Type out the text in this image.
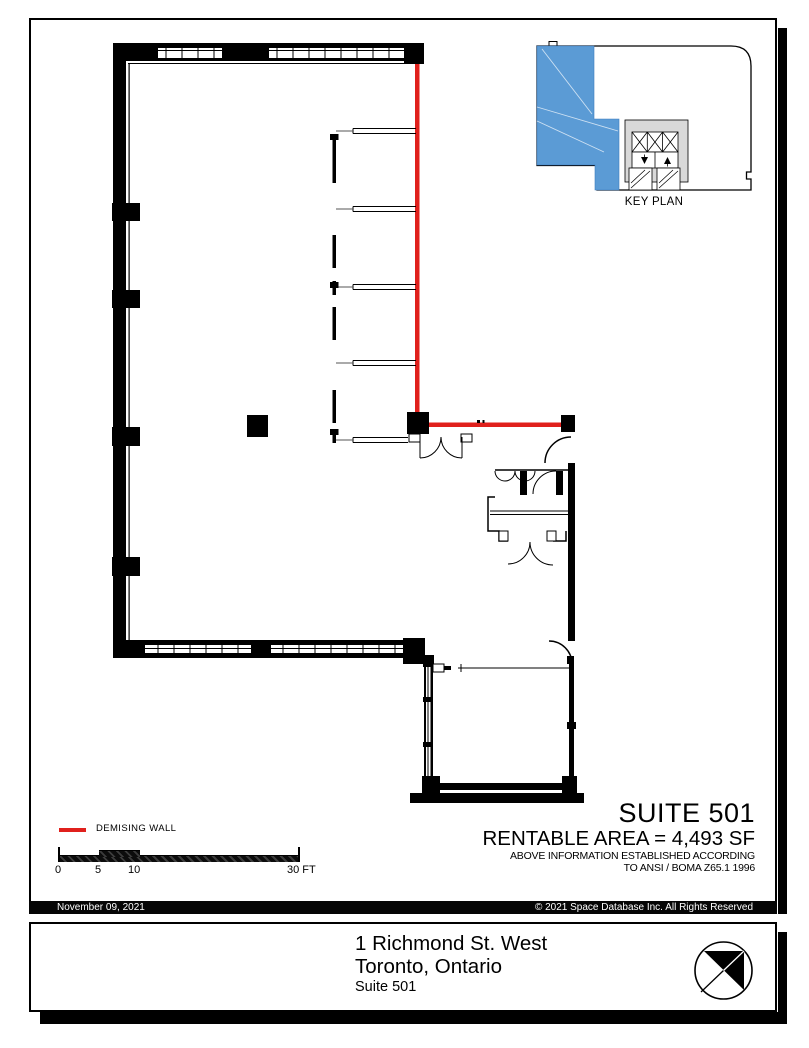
November 09, 2021	© 2021 Space Database Inc. All Rights Reserved
KEY PLAN
SUITE 501
RENTABLE AREA = 4,493 SF
ABOVE INFORMATION ESTABLISHED ACCORDING
TO ANSI / BOMA Z65.1 1996
DEMISING WALL
0	5 10	30 FT
1 Richmond St. West
Toronto, Ontario
Suite 501
